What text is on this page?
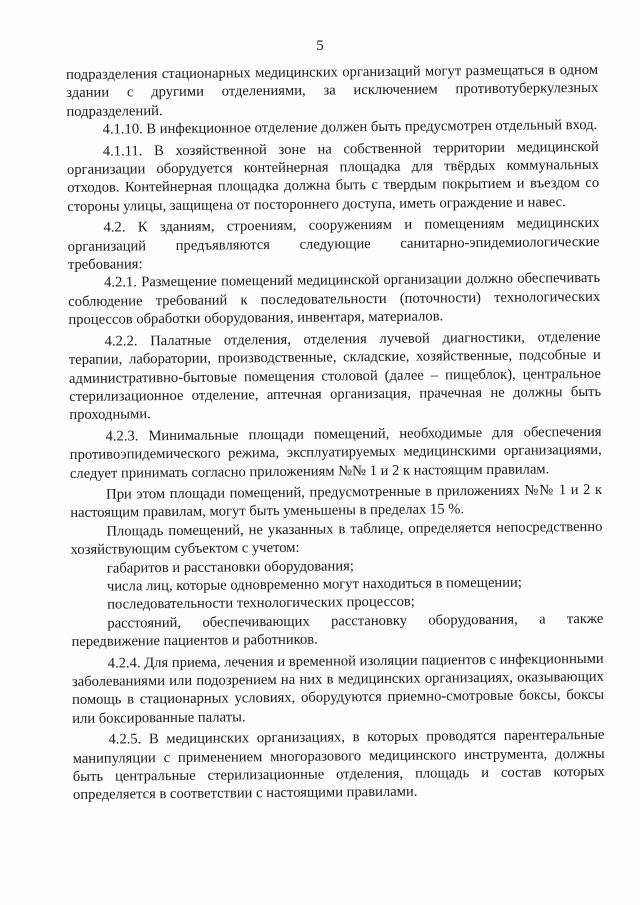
5

подразделения стационарных медицинских организаций могут размещаться в одном здании с другими отделениями, за исключением противотуберкулезных подразделений.

4.1.10. В инфекционное отделение должен быть предусмотрен отдельный вход.

4.1.11. В хозяйственной зоне на собственной территории медицинской организации оборудуется контейнерная площадка для твёрдых коммунальных отходов. Контейнерная площадка должна быть с твердым покрытием и въездом со стороны улицы, защищена от постороннего доступа, иметь ограждение и навес.

4.2. К зданиям, строениям, сооружениям и помещениям медицинских организаций предъявляются следующие санитарно-эпидемиологические требования:

4.2.1. Размещение помещений медицинской организации должно обеспечивать соблюдение требований к последовательности (поточности) технологических процессов обработки оборудования, инвентаря, материалов.

4.2.2. Палатные отделения, отделения лучевой диагностики, отделение терапии, лаборатории, производственные, складские, хозяйственные, подсобные и административно-бытовые помещения столовой (далее – пищеблок), центральное стерилизационное отделение, аптечная организация, прачечная не должны быть проходными.

4.2.3. Минимальные площади помещений, необходимые для обеспечения противоэпидемического режима, эксплуатируемых медицинскими организациями, следует принимать согласно приложениям №№ 1 и 2 к настоящим правилам.

При этом площади помещений, предусмотренные в приложениях №№ 1 и 2 к настоящим правилам, могут быть уменьшены в пределах 15 %.

Площадь помещений, не указанных в таблице, определяется непосредственно хозяйствующим субъектом с учетом:

габаритов и расстановки оборудования;

числа лиц, которые одновременно могут находиться в помещении;

последовательности технологических процессов;

расстояний, обеспечивающих расстановку оборудования, а также передвижение пациентов и работников.

4.2.4. Для приема, лечения и временной изоляции пациентов с инфекционными заболеваниями или подозрением на них в медицинских организациях, оказывающих помощь в стационарных условиях, оборудуются приемно-смотровые боксы, боксы или боксированные палаты.

4.2.5. В медицинских организациях, в которых проводятся парентеральные манипуляции с применением многоразового медицинского инструмента, должны быть центральные стерилизационные отделения, площадь и состав которых определяется в соответствии с настоящими правилами.
